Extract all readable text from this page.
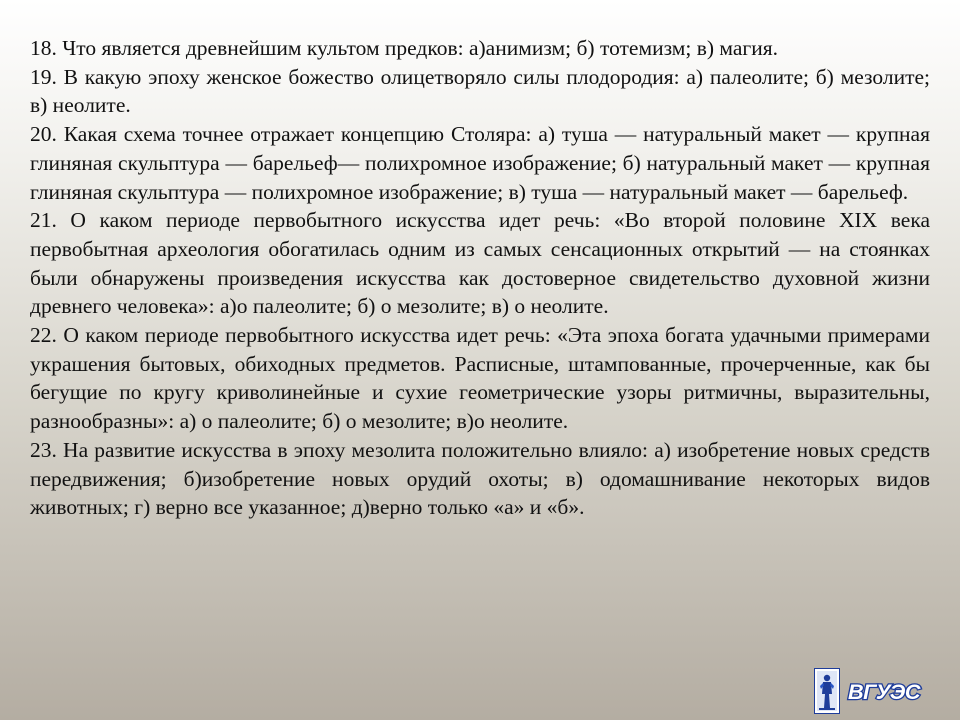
18. Что является древнейшим культом предков: а)анимизм; б) тотемизм; в) магия.

19. В какую эпоху женское божество олицетворяло силы плодородия: а) палеолите; б) мезолите; в) неолите.

20. Какая схема точнее отражает концепцию Столяра: а) туша — натуральный макет — крупная глиняная скульптура — барельеф— полихромное изображение; б) натуральный макет — крупная глиняная скульптура — полихромное изображение; в) туша — натуральный макет — барельеф.

21. О каком периоде первобытного искусства идет речь: «Во второй половине XIX века первобытная археология обогатилась одним из самых сенсационных открытий — на стоянках были обнаружены произведения искусства как достоверное свидетельство духовной жизни древнего человека»: а)о палеолите; б) о мезолите; в) о неолите.

22. О каком периоде первобытного искусства идет речь: «Эта эпоха богата удачными примерами украшения бытовых, обиходных предметов. Расписные, штампованные, прочерченные, как бы бегущие по кругу криволинейные и сухие геометрические узоры ритмичны, выразительны, разнообразны»: а) о палеолите; б) о мезолите; в)о неолите.

23. На развитие искусства в эпоху мезолита положительно влияло: а) изобретение новых средств передвижения; б)изобретение новых орудий охоты; в) одомашнивание некоторых видов животных; г) верно все указанное; д)верно только «а» и «б».

ВГУЭС
